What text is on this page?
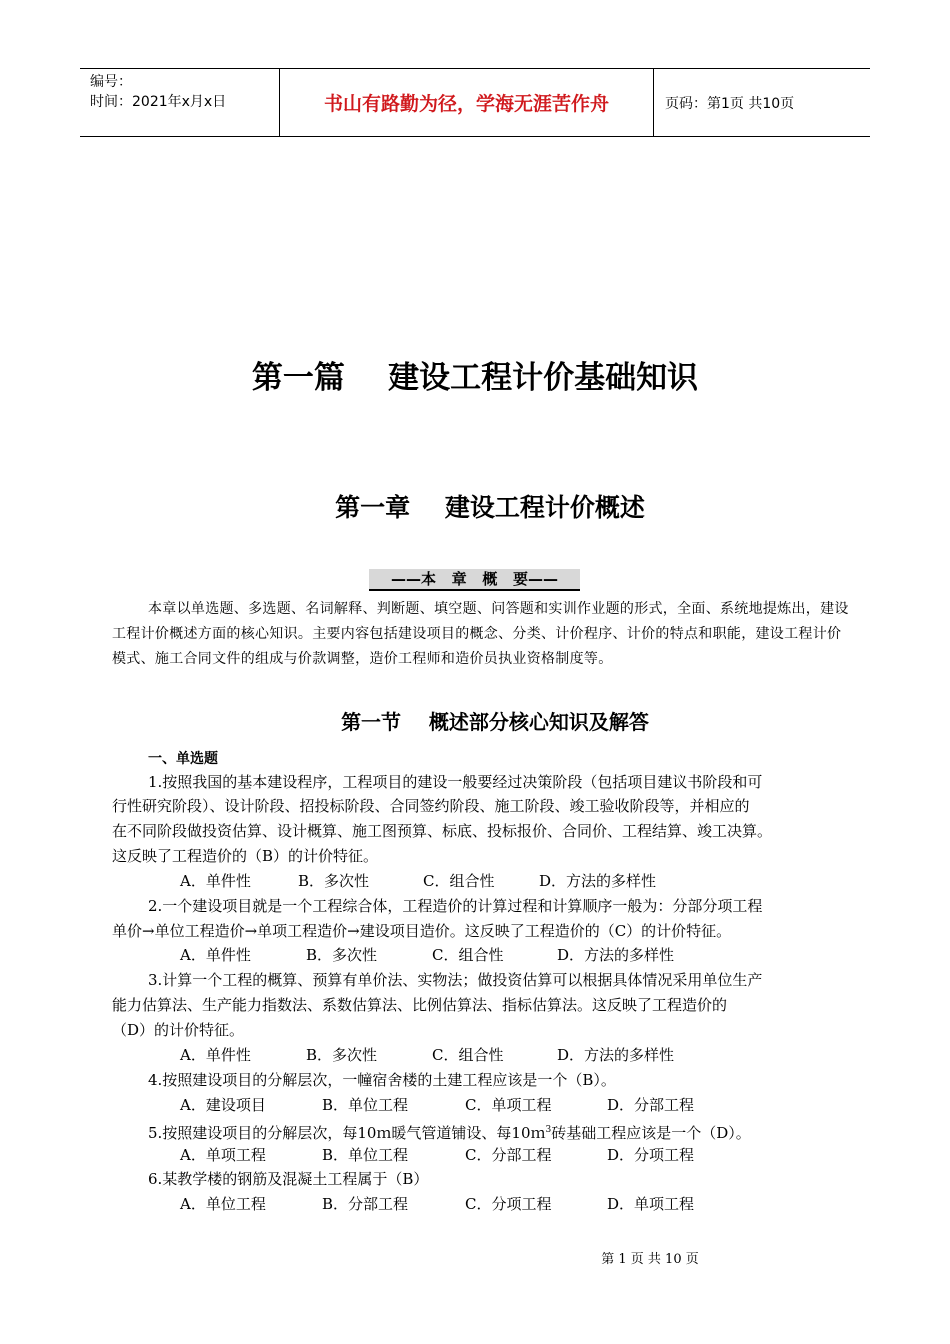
编号：
时间：2021年x月x日	书山有路勤为径，学海无涯苦作舟	页码：第1页 共10页
第一篇    建设工程计价基础知识
第一章    建设工程计价概述
——本   章   概   要——
本章以单选题、多选题、名词解释、判断题、填空题、问答题和实训作业题的形式，全面、系统地提炼出，建设工程计价概述方面的核心知识。主要内容包括建设项目的概念、分类、计价程序、计价的特点和职能，建设工程计价模式、施工合同文件的组成与价款调整，造价工程师和造价员执业资格制度等。
第一节    概述部分核心知识及解答
一、单选题
1.按照我国的基本建设程序，工程项目的建设一般要经过决策阶段（包括项目建议书阶段和可
行性研究阶段）、设计阶段、招投标阶段、合同签约阶段、施工阶段、竣工验收阶段等，并相应的
在不同阶段做投资估算、设计概算、施工图预算、标底、投标报价、合同价、工程结算、竣工决算。
这反映了工程造价的（B）的计价特征。
A．单件性	B．多次性	C．组合性	D．方法的多样性
2.一个建设项目就是一个工程综合体，工程造价的计算过程和计算顺序一般为：分部分项工程
单价→单位工程造价→单项工程造价→建设项目造价。这反映了工程造价的（C）的计价特征。
A．单件性	B．多次性	C．组合性	D．方法的多样性
3.计算一个工程的概算、预算有单价法、实物法；做投资估算可以根据具体情况采用单位生产
能力估算法、生产能力指数法、系数估算法、比例估算法、指标估算法。这反映了工程造价的
（D）的计价特征。
A．单件性	B．多次性	C．组合性	D．方法的多样性
4.按照建设项目的分解层次，一幢宿舍楼的土建工程应该是一个（B）。
A．建设项目	B．单位工程	C．单项工程	D．分部工程
5.按照建设项目的分解层次，每10ｍ暖气管道铺设、每10ｍ$^3$砖基础工程应该是一个（D）。
A．单项工程	B．单位工程	C．分部工程	D．分项工程
6.某教学楼的钢筋及混凝土工程属于（B）
A．单位工程	B．分部工程	C．分项工程	D．单项工程
第 1 页 共 10 页
